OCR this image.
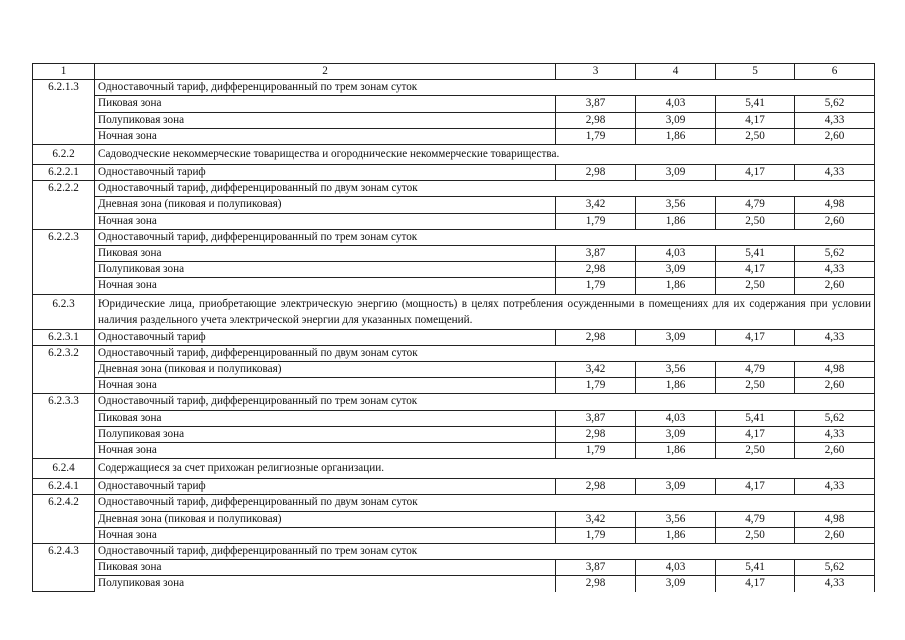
1	2	3	4	5	6
6.2.1.3	Одноставочный тариф, дифференцированный по трем зонам суток				
	Пиковая зона	3,87	4,03	5,41	5,62
	Полупиковая зона	2,98	3,09	4,17	4,33
	Ночная зона	1,79	1,86	2,50	2,60
6.2.2	Садоводческие некоммерческие товарищества и огороднические некоммерческие товарищества.				
6.2.2.1	Одноставочный тариф	2,98	3,09	4,17	4,33
6.2.2.2	Одноставочный тариф, дифференцированный по двум зонам суток				
	Дневная зона (пиковая и полупиковая)	3,42	3,56	4,79	4,98
	Ночная зона	1,79	1,86	2,50	2,60
6.2.2.3	Одноставочный тариф, дифференцированный по трем зонам суток				
	Пиковая зона	3,87	4,03	5,41	5,62
	Полупиковая зона	2,98	3,09	4,17	4,33
	Ночная зона	1,79	1,86	2,50	2,60
6.2.3	Юридические лица, приобретающие электрическую энергию (мощность) в целях потребления осужденными в помещениях для их содержания при условии наличия раздельного учета электрической энергии для указанных помещений.				
6.2.3.1	Одноставочный тариф	2,98	3,09	4,17	4,33
6.2.3.2	Одноставочный тариф, дифференцированный по двум зонам суток				
	Дневная зона (пиковая и полупиковая)	3,42	3,56	4,79	4,98
	Ночная зона	1,79	1,86	2,50	2,60
6.2.3.3	Одноставочный тариф, дифференцированный по трем зонам суток				
	Пиковая зона	3,87	4,03	5,41	5,62
	Полупиковая зона	2,98	3,09	4,17	4,33
	Ночная зона	1,79	1,86	2,50	2,60
6.2.4	Содержащиеся за счет прихожан религиозные организации.				
6.2.4.1	Одноставочный тариф	2,98	3,09	4,17	4,33
6.2.4.2	Одноставочный тариф, дифференцированный по двум зонам суток				
	Дневная зона (пиковая и полупиковая)	3,42	3,56	4,79	4,98
	Ночная зона	1,79	1,86	2,50	2,60
6.2.4.3	Одноставочный тариф, дифференцированный по трем зонам суток				
	Пиковая зона	3,87	4,03	5,41	5,62
	Полупиковая зона	2,98	3,09	4,17	4,33
